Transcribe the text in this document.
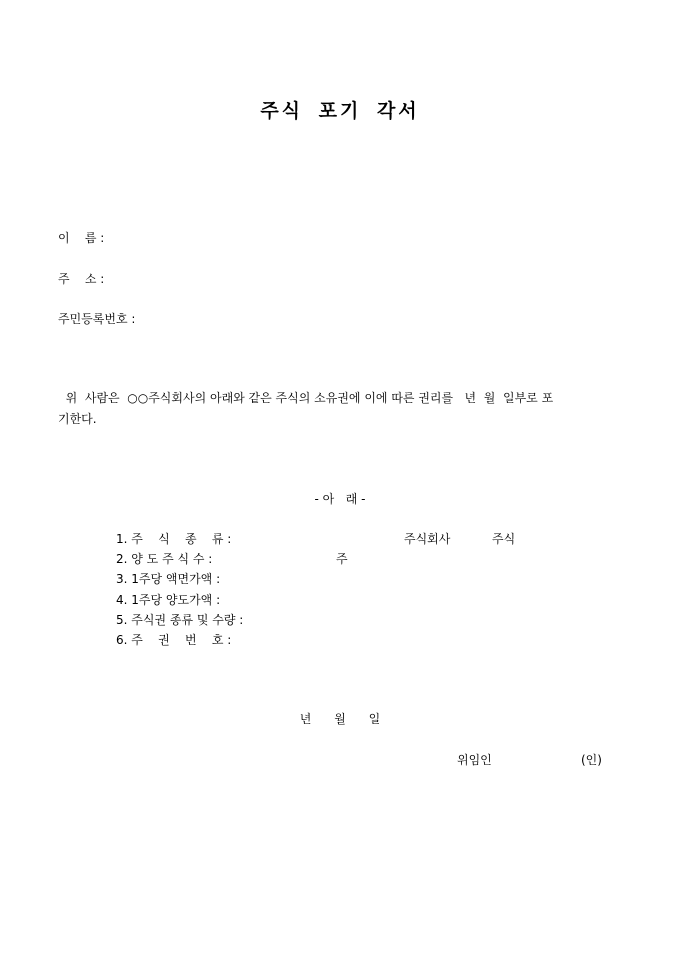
주식 포기 각서
이    름 :
주    소 :
주민등록번호 :
위  사람은  ○○주식회사의 아래와 같은 주식의 소유권에 이에 따른 권리를   년  월  일부로 포
기한다.
- 아   래 -
1. 주    식    종    류 :	주식회사	주식
2. 양 도 주 식 수 :	주
3. 1주당 액면가액 :
4. 1주당 양도가액 :
5. 주식권 종류 및 수량 :
6. 주    권    번    호 :
년      월      일
위임인	(인)
